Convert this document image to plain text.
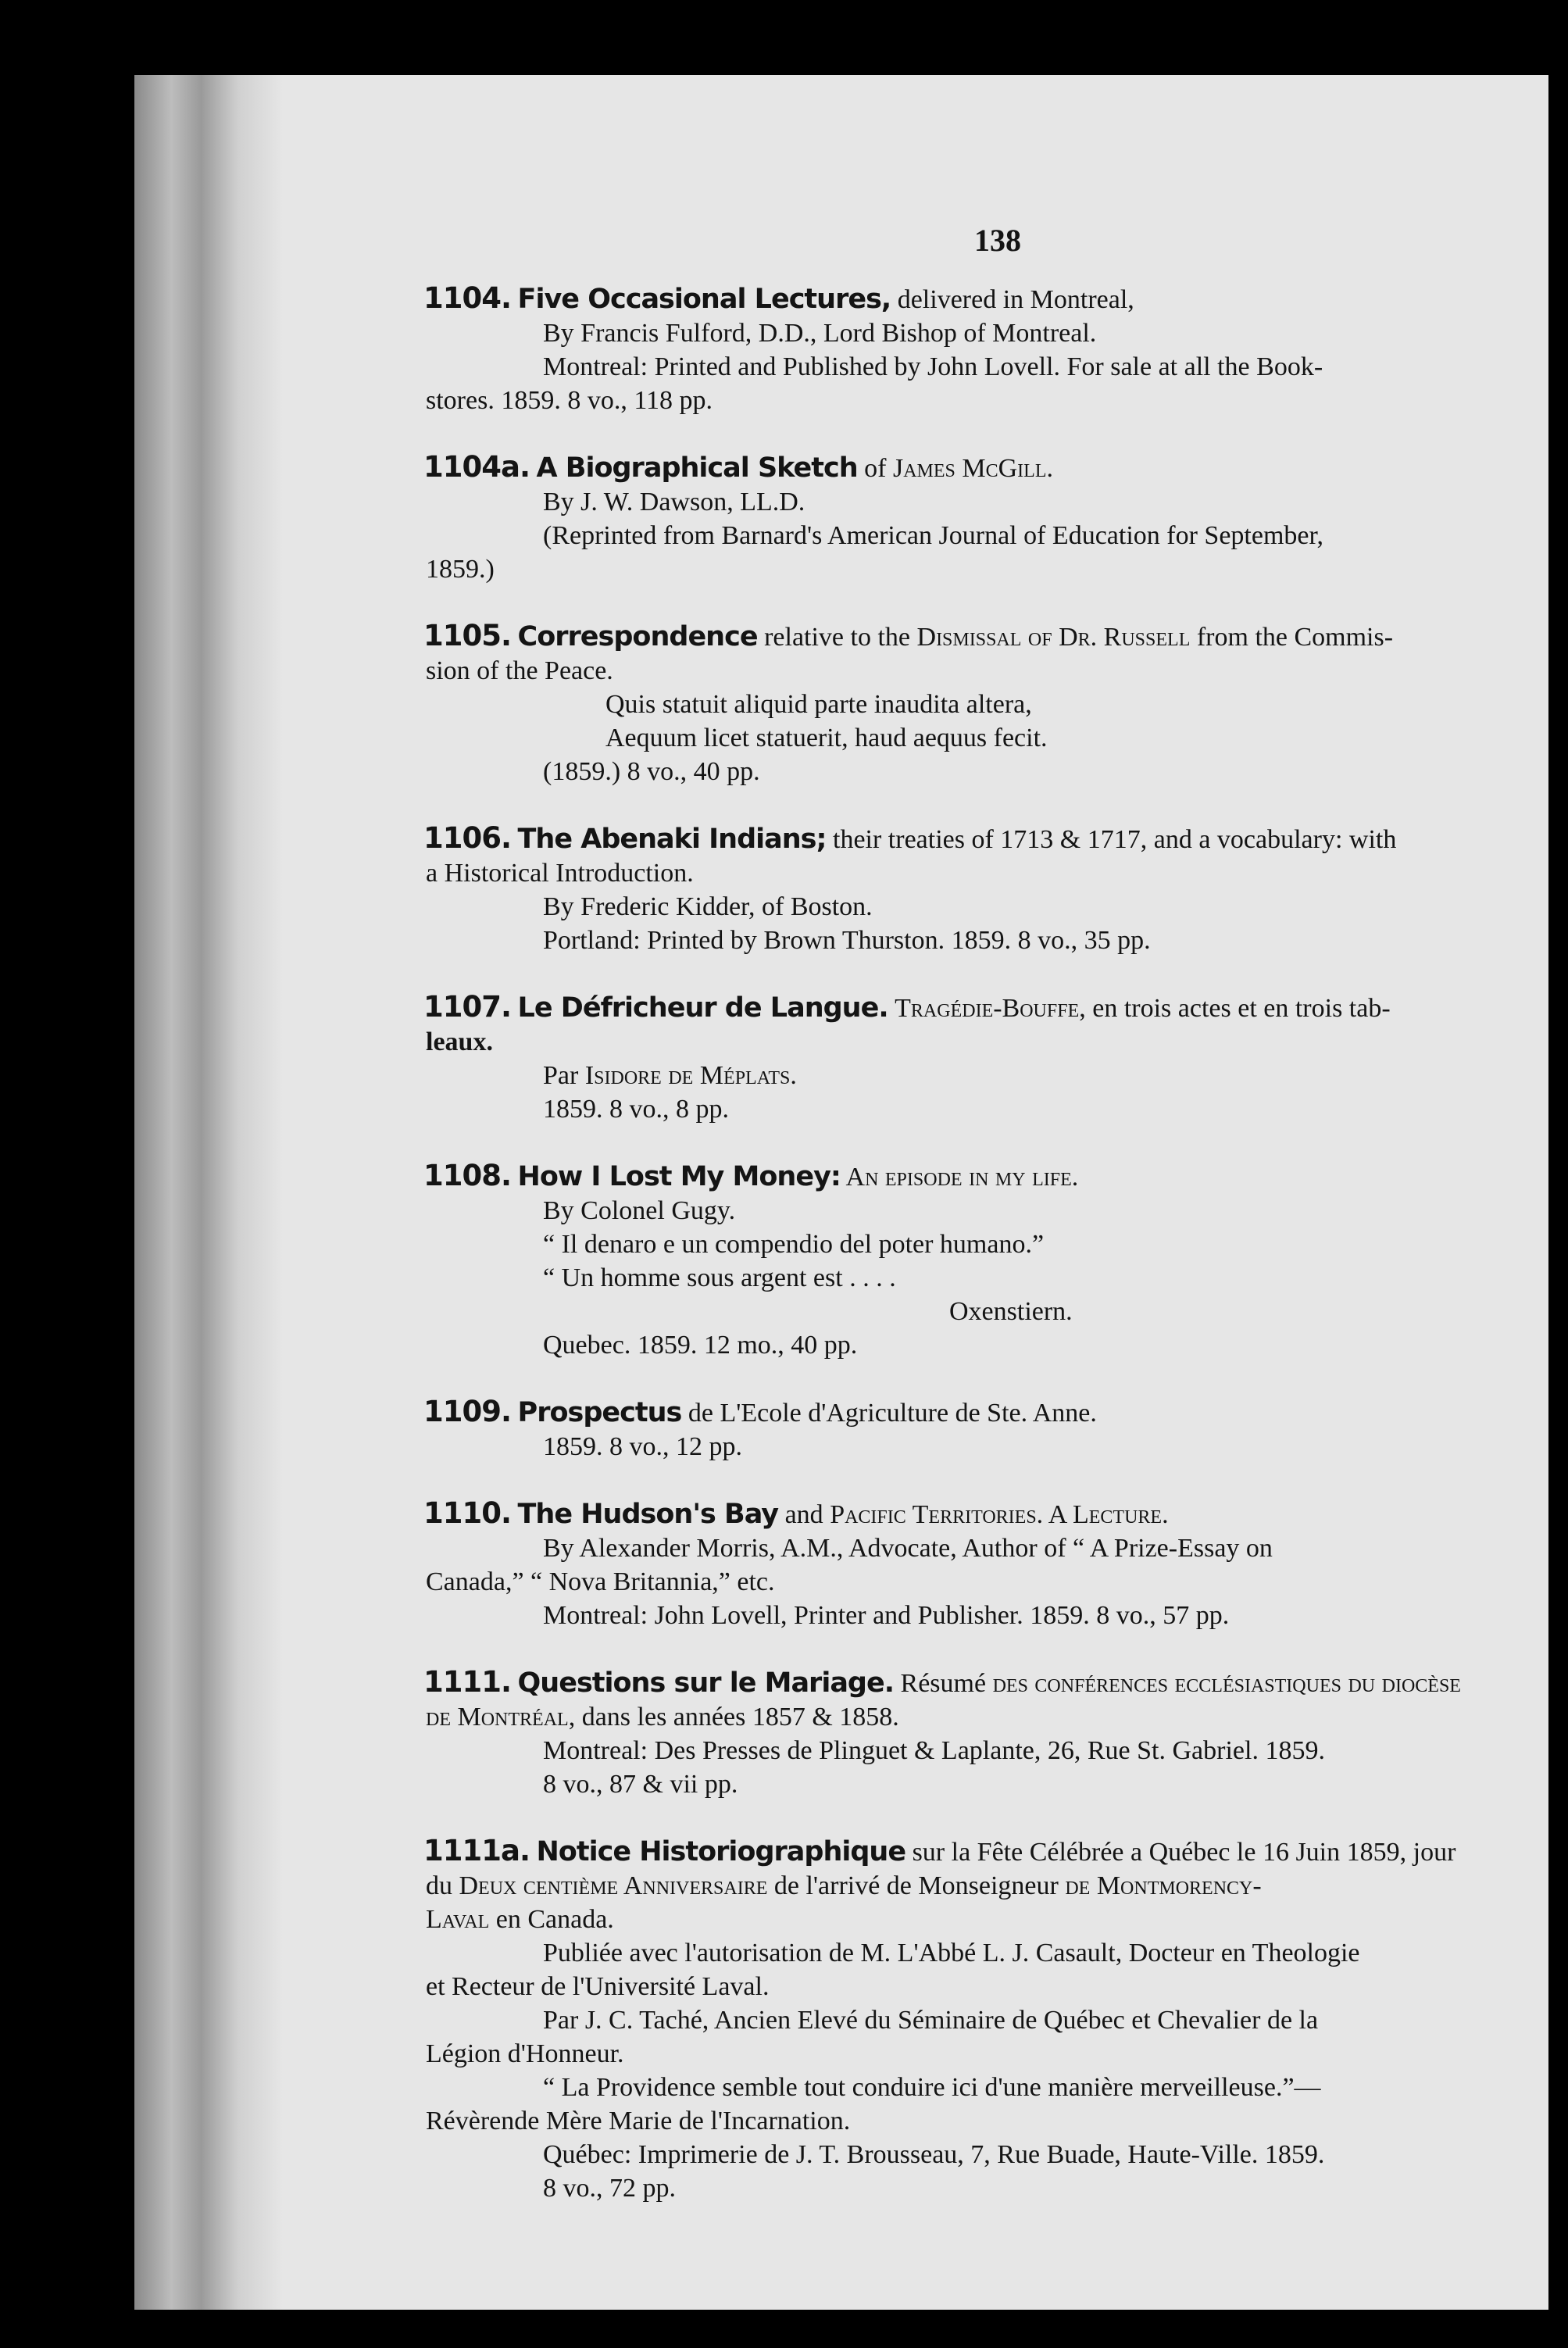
138
1104. Five Occasional Lectures, delivered in Montreal,
By Francis Fulford, D.D., Lord Bishop of Montreal.
Montreal: Printed and Published by John Lovell. For sale at all the Book-
stores. 1859. 8 vo., 118 pp.
1104a. A Biographical Sketch of James McGill.
By J. W. Dawson, LL.D.
(Reprinted from Barnard's American Journal of Education for September,
1859.)
1105. Correspondence relative to the Dismissal of Dr. Russell from the Commis-
sion of the Peace.
Quis statuit aliquid parte inaudita altera,
Aequum licet statuerit, haud aequus fecit.
(1859.) 8 vo., 40 pp.
1106. The Abenaki Indians; their treaties of 1713 & 1717, and a vocabulary: with
a Historical Introduction.
By Frederic Kidder, of Boston.
Portland: Printed by Brown Thurston. 1859. 8 vo., 35 pp.
1107. Le Défricheur de Langue. Tragédie-Bouffe, en trois actes et en trois tab-
leaux.
Par Isidore de Méplats.
1859. 8 vo., 8 pp.
1108. How I Lost My Money: An episode in my life.
By Colonel Gugy.
“ Il denaro e un compendio del poter humano.”
“ Un homme sous argent est . . . .
Oxenstiern.
Quebec. 1859. 12 mo., 40 pp.
1109. Prospectus de L'Ecole d'Agriculture de Ste. Anne.
1859. 8 vo., 12 pp.
1110. The Hudson's Bay and Pacific Territories. A Lecture.
By Alexander Morris, A.M., Advocate, Author of “ A Prize-Essay on
Canada,” “ Nova Britannia,” etc.
Montreal: John Lovell, Printer and Publisher. 1859. 8 vo., 57 pp.
1111. Questions sur le Mariage. Résumé des conférences ecclésiastiques du diocèse
de Montréal, dans les années 1857 & 1858.
Montreal: Des Presses de Plinguet & Laplante, 26, Rue St. Gabriel. 1859.
8 vo., 87 & vii pp.
1111a. Notice Historiographique sur la Fête Célébrée a Québec le 16 Juin 1859, jour
du Deux centième Anniversaire de l'arrivé de Monseigneur de Montmorency-
Laval en Canada.
Publiée avec l'autorisation de M. L'Abbé L. J. Casault, Docteur en Theologie
et Recteur de l'Université Laval.
Par J. C. Taché, Ancien Elevé du Séminaire de Québec et Chevalier de la
Légion d'Honneur.
“ La Providence semble tout conduire ici d'une manière merveilleuse.”—
Révèrende Mère Marie de l'Incarnation.
Québec: Imprimerie de J. T. Brousseau, 7, Rue Buade, Haute-Ville. 1859.
8 vo., 72 pp.
